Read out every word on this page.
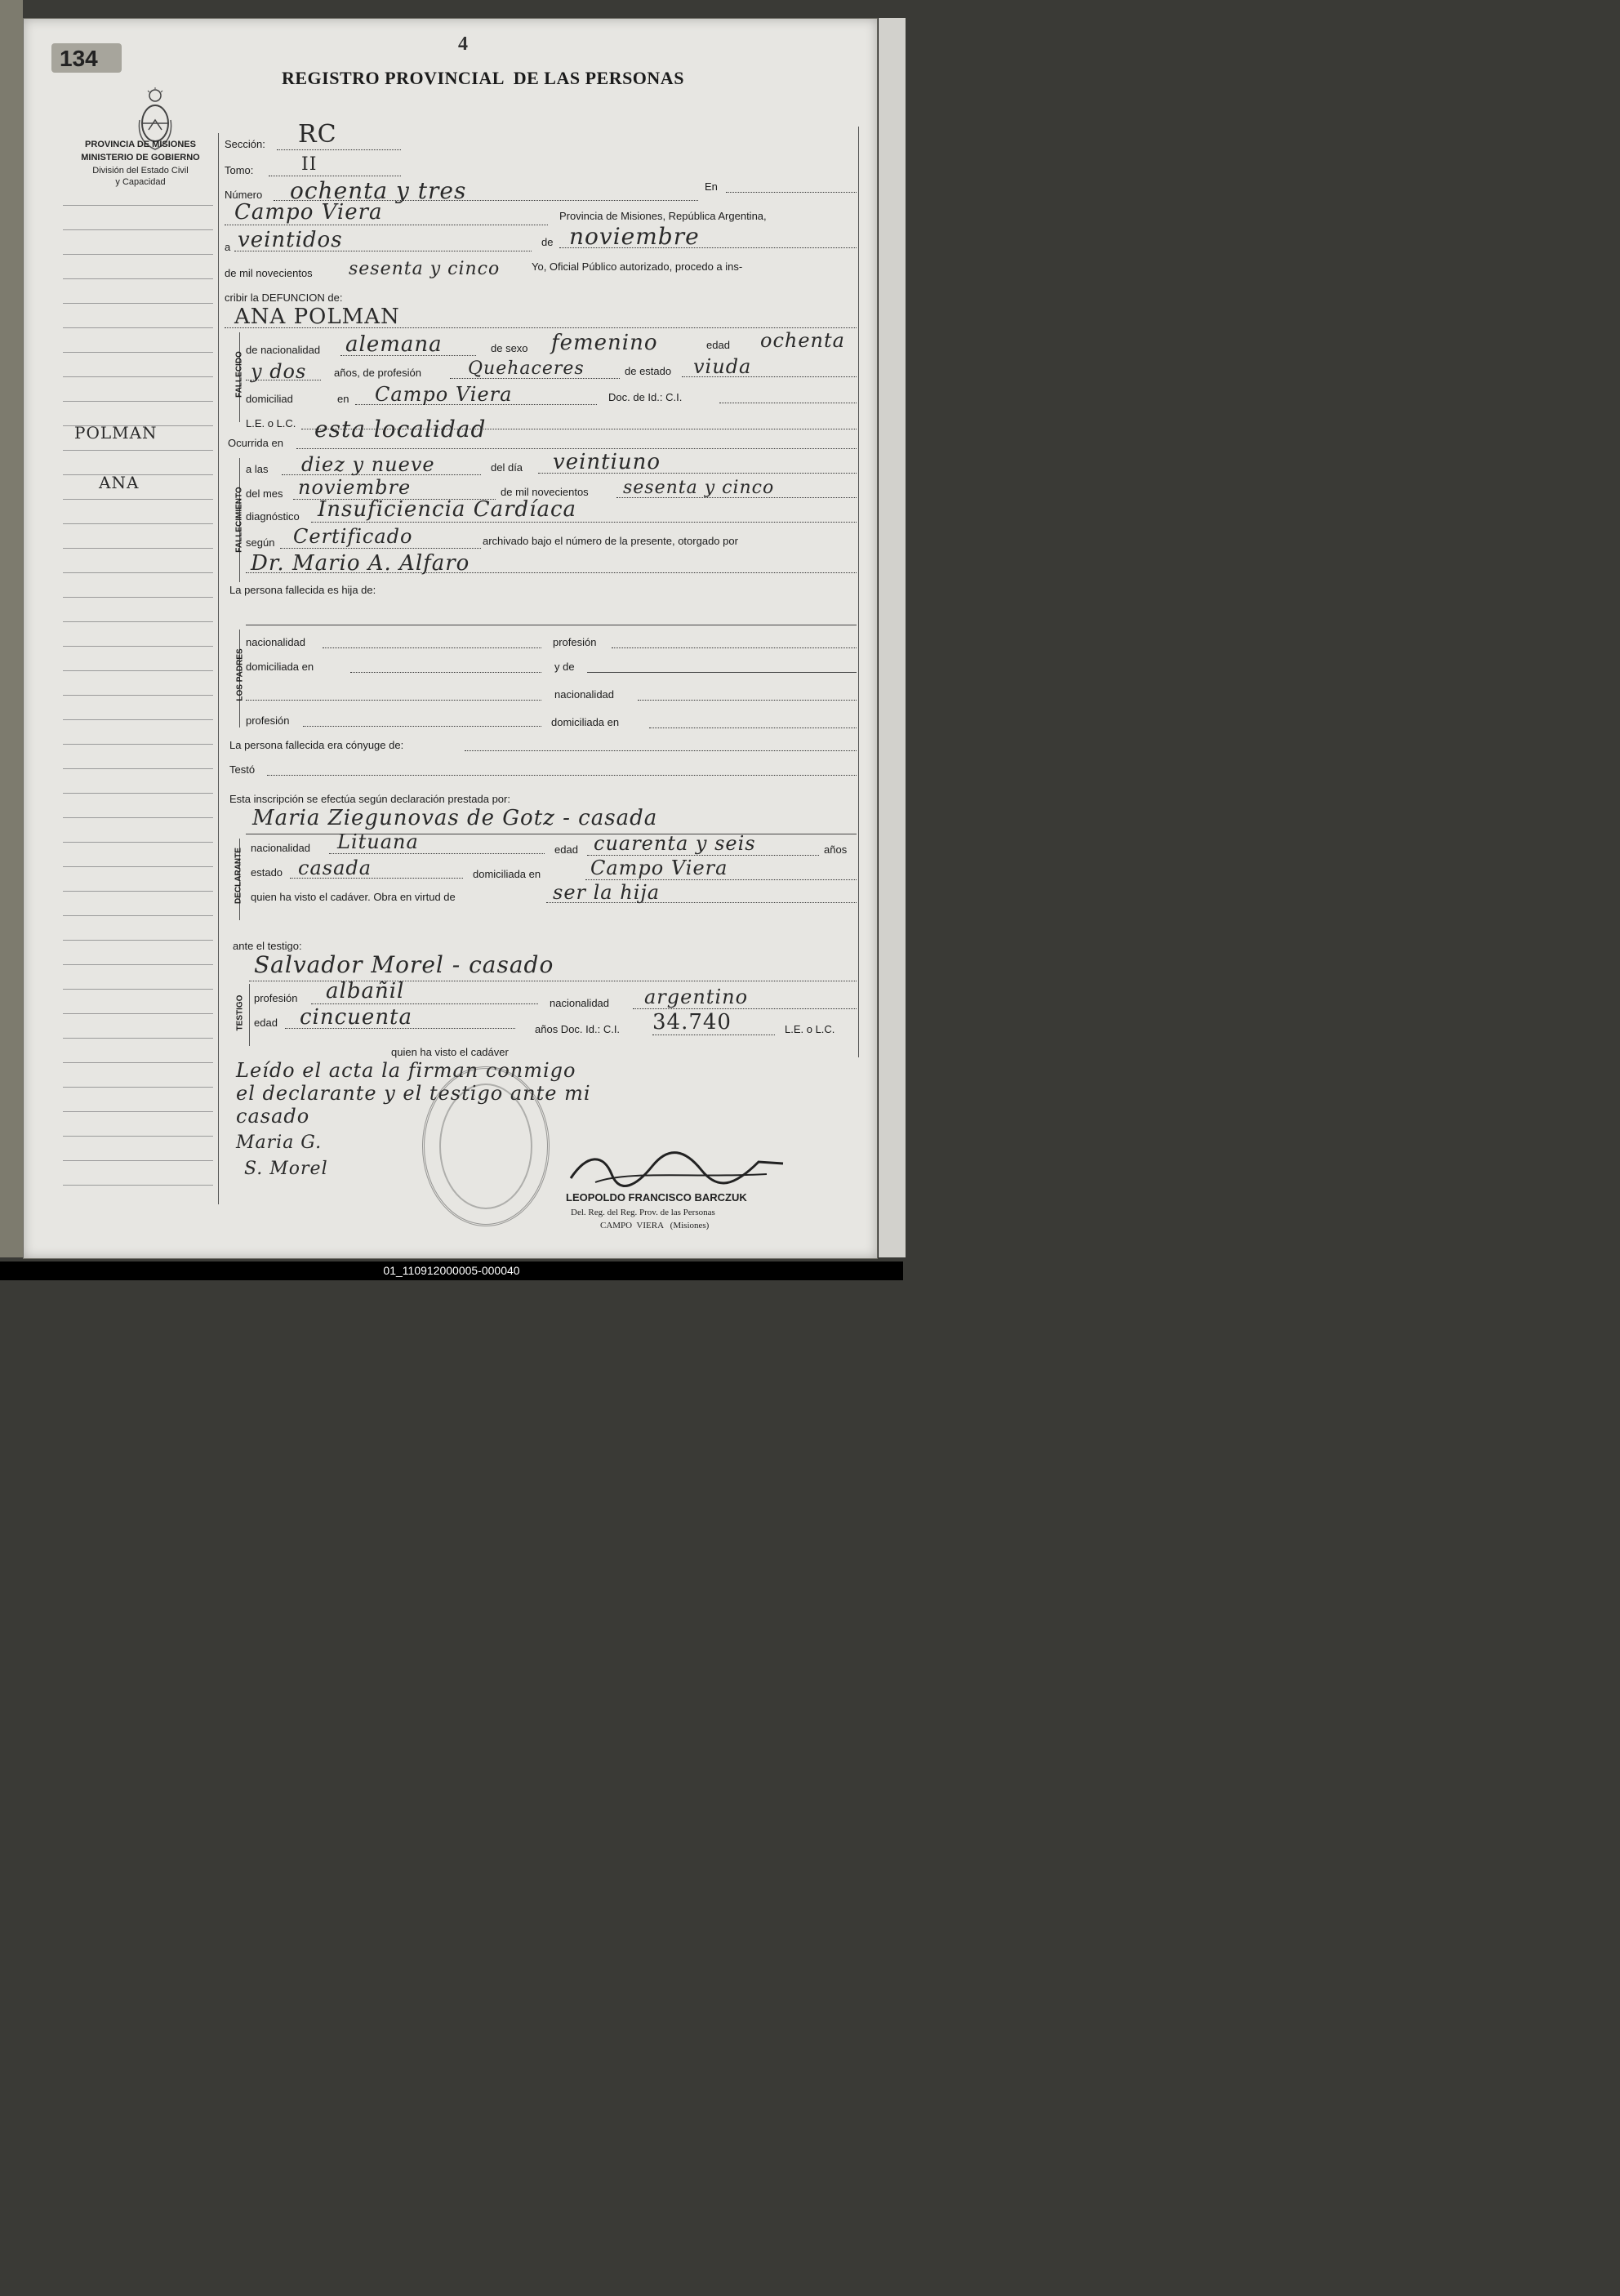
134
4
REGISTRO PROVINCIAL  DE LAS PERSONAS
PROVINCIA DE MISIONES
MINISTERIO DE GOBIERNO
División del Estado Civil
y Capacidad
POLMAN
ANA
Sección: RC
Tomo:	II
Número ochenta y tres	En
Campo Viera	Provincia de Misiones, República Argentina,
a veintidos	de noviembre
de mil novecientos sesenta y cinco	Yo, Oficial Público autorizado, procedo a ins-
cribir la DEFUNCION de:
ANA POLMAN
FALLECIDO
de nacionalidad alemana	de sexo femenino	edad ochenta
y dos	años, de profesión	Quehaceres	de estado viuda
domiciliad	en Campo Viera	Doc. de Id.: C.I.
L.E. o L.C.
Ocurrida en
esta localidad
FALLECIMIENTO
a las diez y nueve	del día veintiuno
del mes noviembre	de mil novecientos sesenta y cinco
diagnóstico Insuficiencia Cardíaca
según Certificado	archivado bajo el número de la presente, otorgado por
Dr. Mario A. Alfaro
La persona fallecida es hija de:
LOS PADRES
nacionalidad	profesión
domiciliada en	y de
nacionalidad
profesión	domiciliada en
La persona fallecida era cónyuge de:
Testó
Esta inscripción se efectúa según declaración prestada por:
Maria Ziegunovas de Gotz - casada
DECLARANTE nacionalidad Lituana	edad cuarenta y seis	años
estado casada	domiciliada en	Campo Viera
quien ha visto el cadáver. Obra en virtud de	ser la hija
ante el testigo:
Salvador Morel - casado
TESTIGO profesión albañil	nacionalidad argentino
edad cincuenta	años Doc. Id.: C.I. 34.740	L.E. o L.C.
quien ha visto el cadáver
Leído el acta la firman conmigo
el declarante y el testigo ante mi
casado
Maria G.
S. Morel
LEOPOLDO FRANCISCO BARCZUK
Del. Reg. del Reg. Prov. de las Personas
CAMPO  VIERA   (Misiones)
01_110912000005-000040
